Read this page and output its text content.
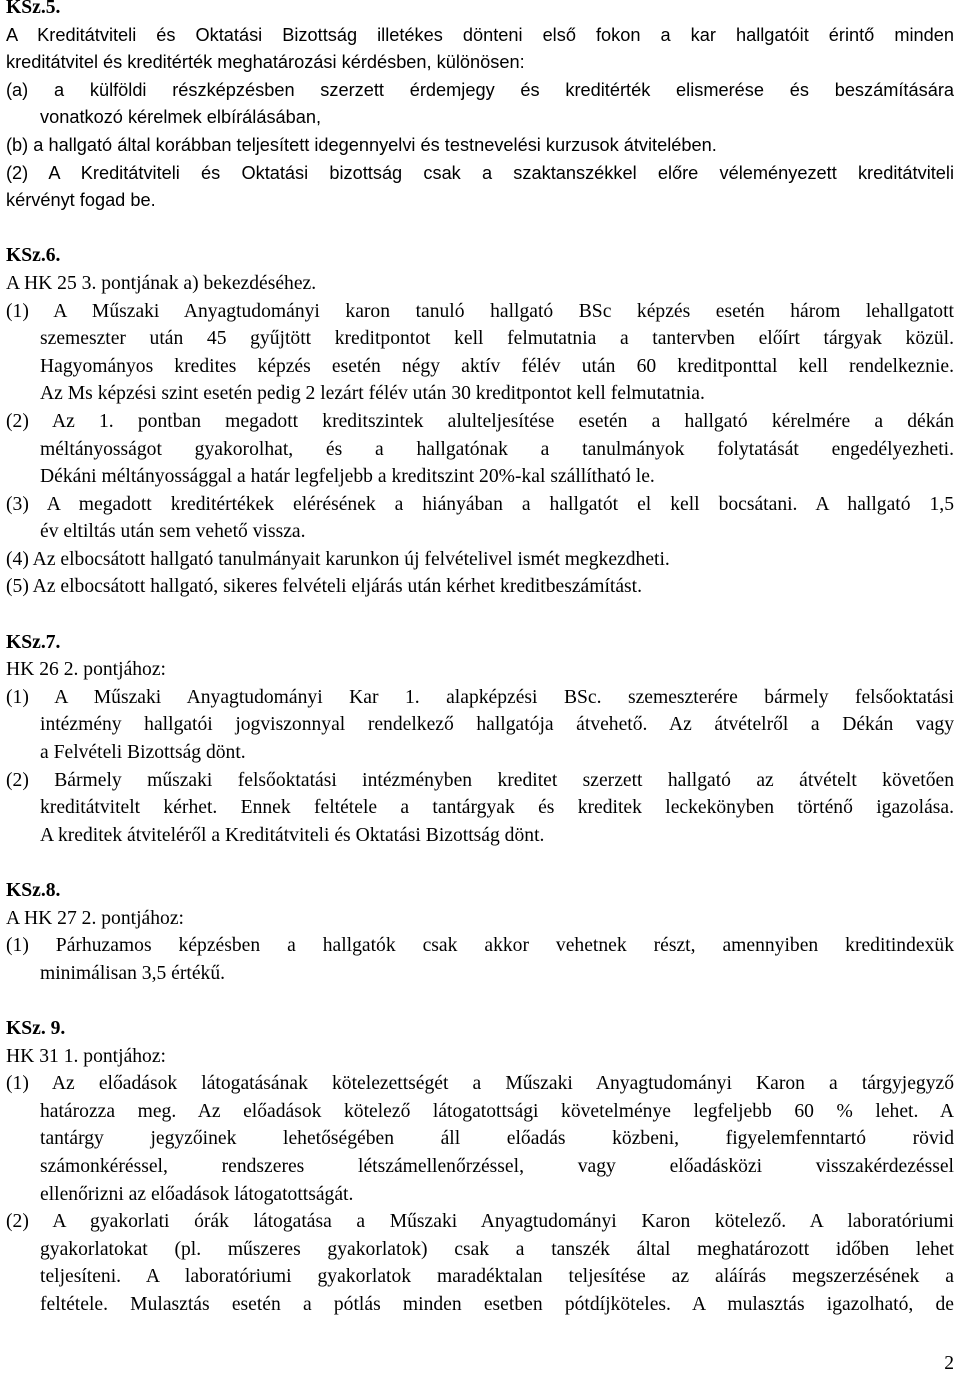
KSz.5.
A Kreditátviteli és Oktatási Bizottság illetékes dönteni első fokon a kar hallgatóit érintő minden
kreditátvitel és kreditérték meghatározási kérdésben, különösen:
(a) a külföldi részképzésben szerzett érdemjegy és kreditérték elismerése és beszámítására
vonatkozó kérelmek elbírálásában,
(b) a hallgató által korábban teljesített idegennyelvi és testnevelési kurzusok átvitelében.
(2) A Kreditátviteli és Oktatási bizottság csak a szaktanszékkel előre véleményezett kreditátviteli
kérvényt fogad be.
KSz.6.
A HK 25 3. pontjának a) bekezdéséhez.
(1) A Műszaki Anyagtudományi karon tanuló hallgató BSc képzés esetén három lehallgatott
szemeszter után 45 gyűjtött kreditpontot kell felmutatnia a tantervben előírt tárgyak közül.
Hagyományos kredites képzés esetén négy aktív félév után 60 kreditponttal kell rendelkeznie.
Az Ms képzési szint esetén pedig 2 lezárt félév után 30 kreditpontot kell felmutatnia.
(2) Az 1. pontban megadott kreditszintek alulteljesítése esetén a hallgató kérelmére a dékán
méltányosságot gyakorolhat, és a hallgatónak a tanulmányok folytatását engedélyezheti.
Dékáni méltányossággal a határ legfeljebb a kreditszint 20%-kal szállítható le.
(3) A megadott kreditértékek elérésének a hiányában a hallgatót el kell bocsátani. A hallgató 1,5
év eltiltás után sem vehető vissza.
(4) Az elbocsátott hallgató tanulmányait karunkon új felvételivel ismét megkezdheti.
(5) Az elbocsátott hallgató, sikeres felvételi eljárás után kérhet kreditbeszámítást.
KSz.7.
HK 26 2. pontjához:
(1) A Műszaki Anyagtudományi Kar 1. alapképzési BSc. szemeszterére bármely felsőoktatási
intézmény hallgatói jogviszonnyal rendelkező hallgatója átvehető. Az átvételről a Dékán vagy
a Felvételi Bizottság dönt.
(2) Bármely műszaki felsőoktatási intézményben kreditet szerzett hallgató az átvételt követően
kreditátvitelt kérhet. Ennek feltétele a tantárgyak és kreditek leckekönyben történő igazolása.
A kreditek átviteléről a Kreditátviteli és Oktatási Bizottság dönt.
KSz.8.
A HK 27 2. pontjához:
(1) Párhuzamos képzésben a hallgatók csak akkor vehetnek részt, amennyiben kreditindexük
minimálisan 3,5 értékű.
KSz. 9.
HK 31 1. pontjához:
(1) Az előadások látogatásának kötelezettségét a Műszaki Anyagtudományi Karon a tárgyjegyző
határozza meg. Az előadások kötelező látogatottsági követelménye legfeljebb 60 % lehet. A
tantárgy jegyzőinek lehetőségében áll előadás közbeni, figyelemfenntartó rövid
számonkéréssel, rendszeres létszámellenőrzéssel, vagy előadásközi visszakérdezéssel
ellenőrizni az előadások látogatottságát.
(2) A gyakorlati órák látogatása a Műszaki Anyagtudományi Karon kötelező. A laboratóriumi
gyakorlatokat (pl. műszeres gyakorlatok) csak a tanszék által meghatározott időben lehet
teljesíteni. A laboratóriumi gyakorlatok maradéktalan teljesítése az aláírás megszerzésének a
feltétele. Mulasztás esetén a pótlás minden esetben pótdíjköteles. A mulasztás igazolható, de
2
